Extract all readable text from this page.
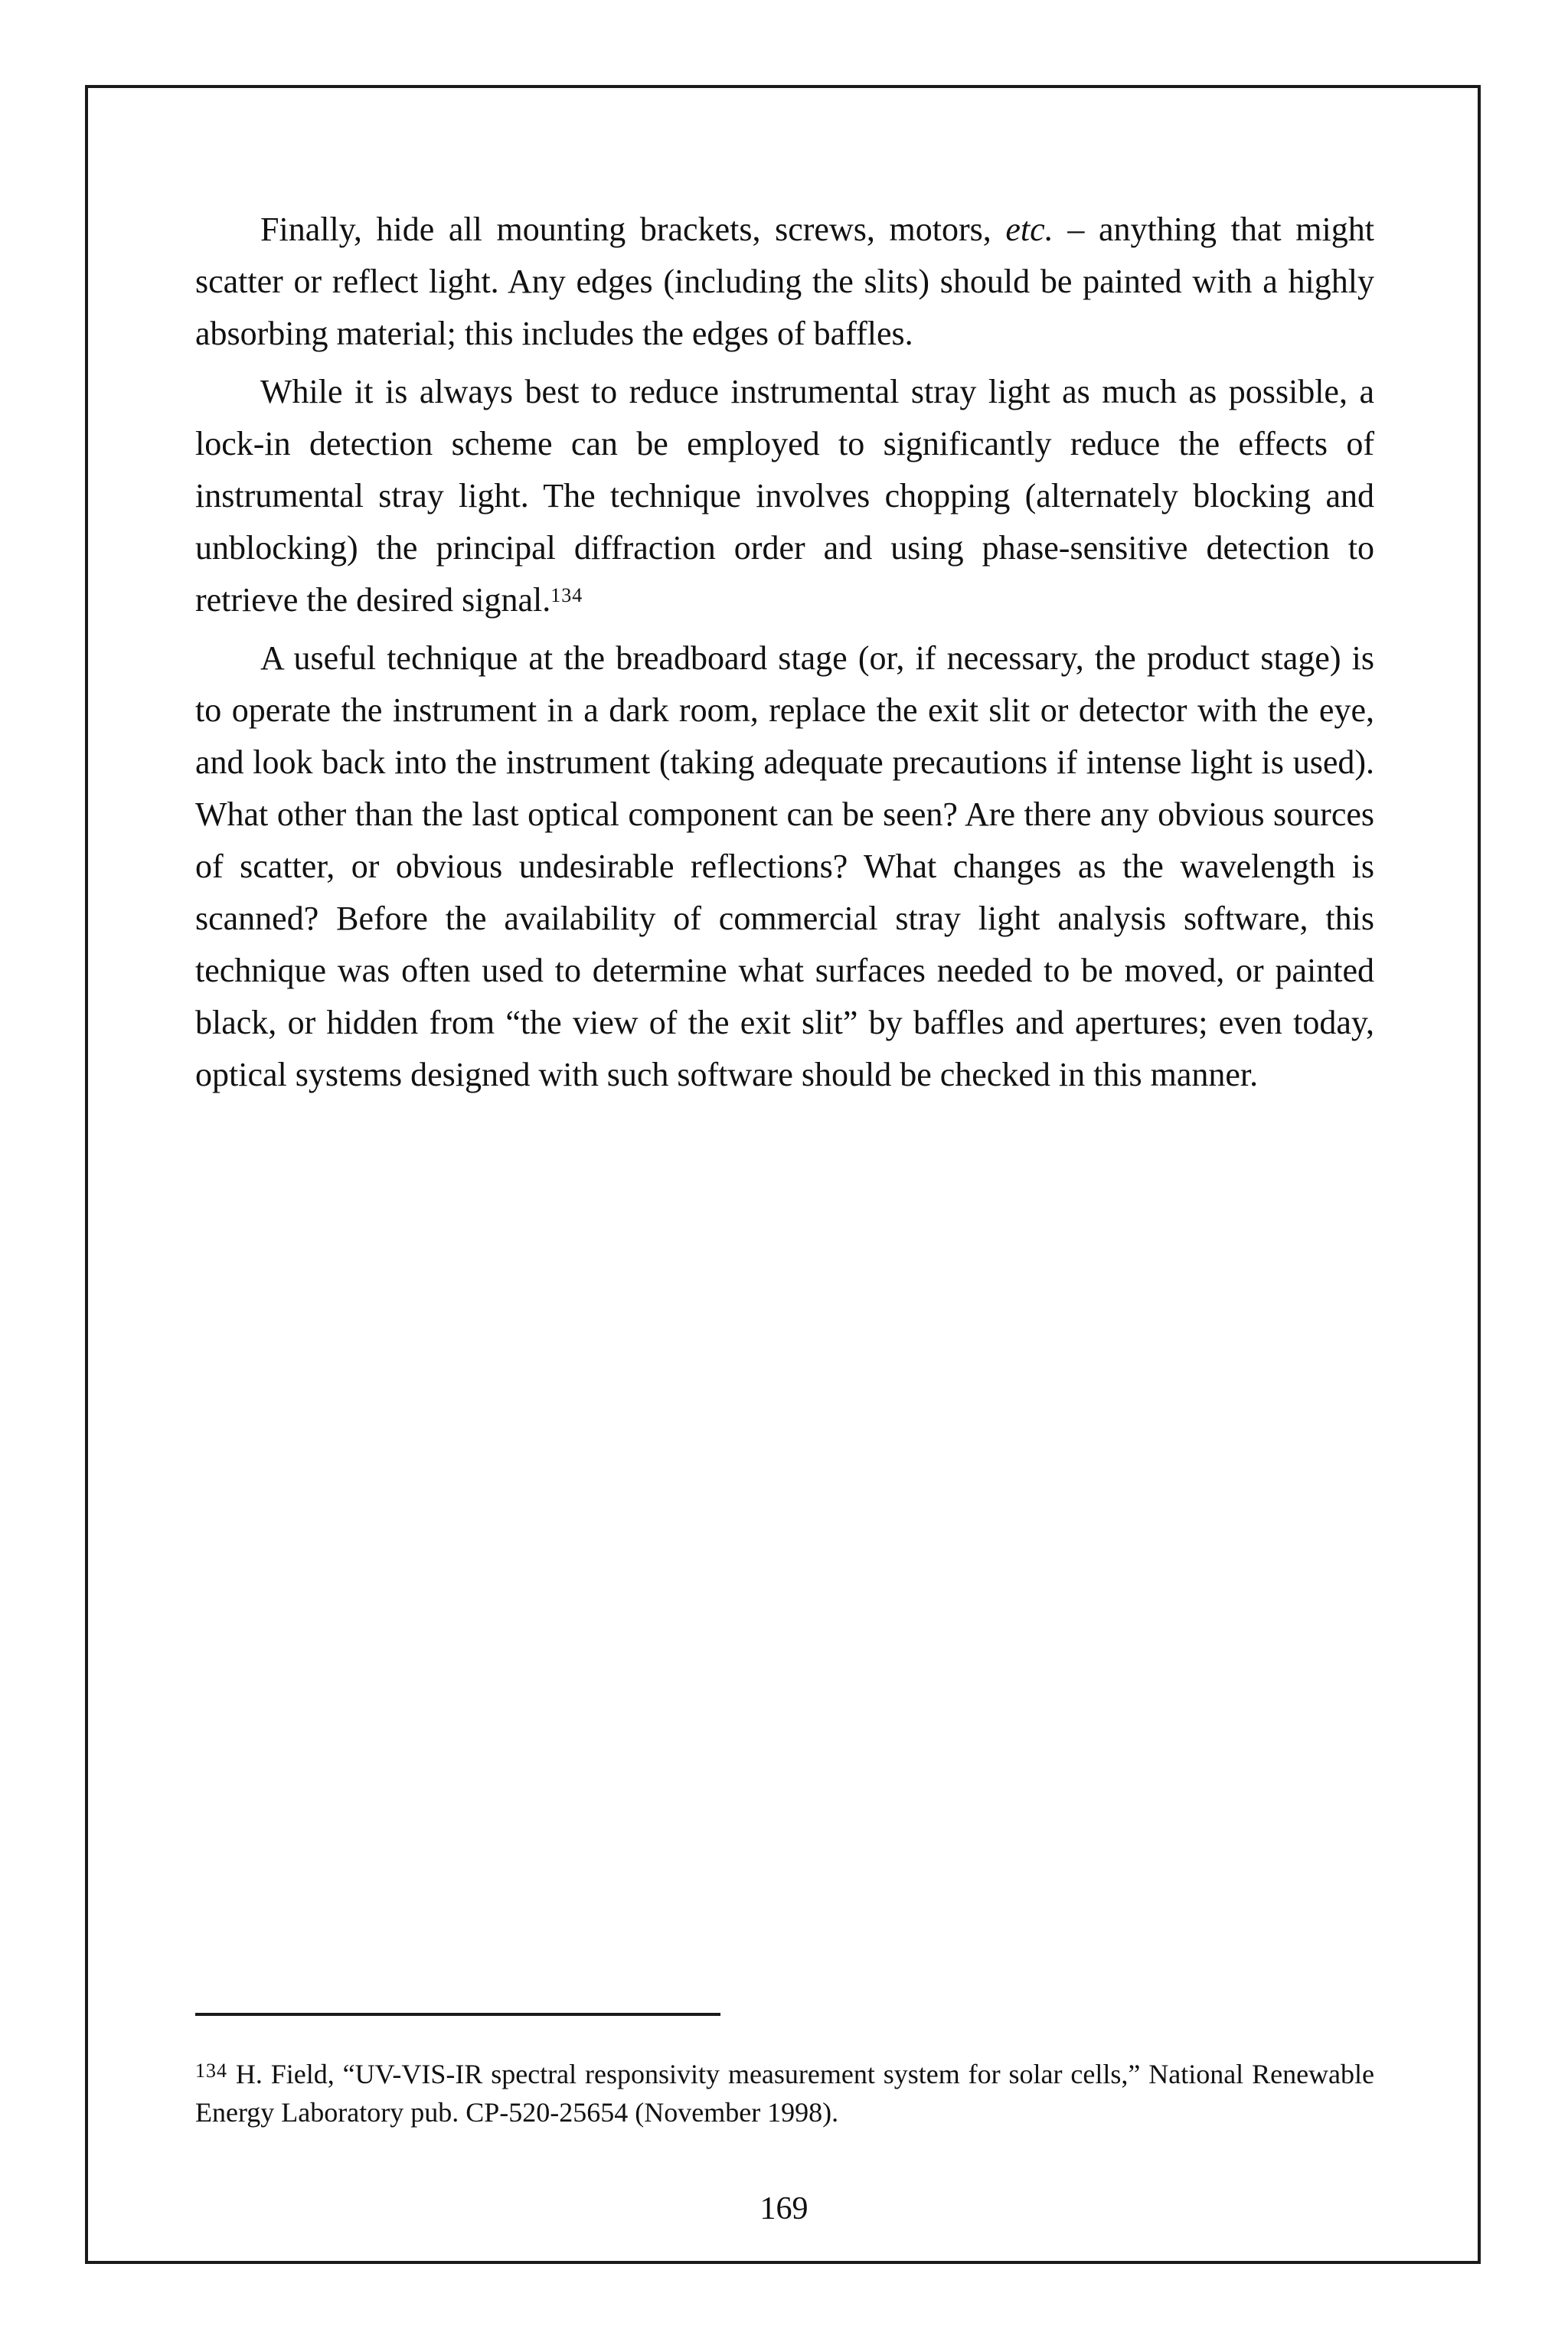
Finally, hide all mounting brackets, screws, motors, etc. – anything that might scatter or reflect light. Any edges (including the slits) should be painted with a highly absorbing material; this includes the edges of baffles.

While it is always best to reduce instrumental stray light as much as possible, a lock-in detection scheme can be employed to significantly reduce the effects of instrumental stray light. The technique involves chopping (alternately blocking and unblocking) the principal diffraction order and using phase-sensitive detection to retrieve the desired signal.$^{134}$

A useful technique at the breadboard stage (or, if necessary, the product stage) is to operate the instrument in a dark room, replace the exit slit or detector with the eye, and look back into the instrument (taking adequate precautions if intense light is used). What other than the last optical component can be seen? Are there any obvious sources of scatter, or obvious undesirable reflections? What changes as the wavelength is scanned? Before the availability of commercial stray light analysis software, this technique was often used to determine what surfaces needed to be moved, or painted black, or hidden from “the view of the exit slit” by baffles and apertures; even today, optical systems designed with such software should be checked in this manner.

$^{134}$ H. Field, “UV-VIS-IR spectral responsivity measurement system for solar cells,” National Renewable Energy Laboratory pub. CP-520-25654 (November 1998).
169
